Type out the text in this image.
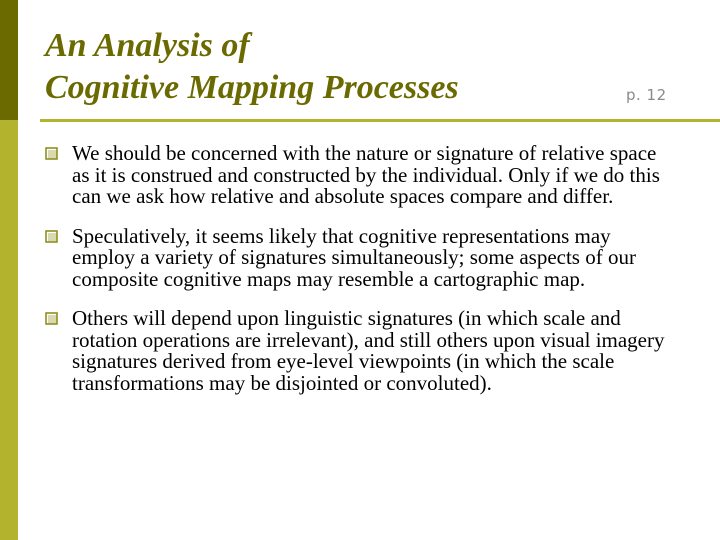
An Analysis of
Cognitive Mapping Processes	p. 12
We should be concerned with the nature or signature of relative space as it is construed and constructed by the individual. Only if we do this can we ask how relative and absolute spaces compare and differ.
Speculatively, it seems likely that cognitive representations may employ a variety of signatures simultaneously; some aspects of our composite cognitive maps may resemble a cartographic map.
Others will depend upon linguistic signatures (in which scale and rotation operations are irrelevant), and still others upon visual imagery signatures derived from eye-level viewpoints (in which the scale transformations may be disjointed or convoluted).
